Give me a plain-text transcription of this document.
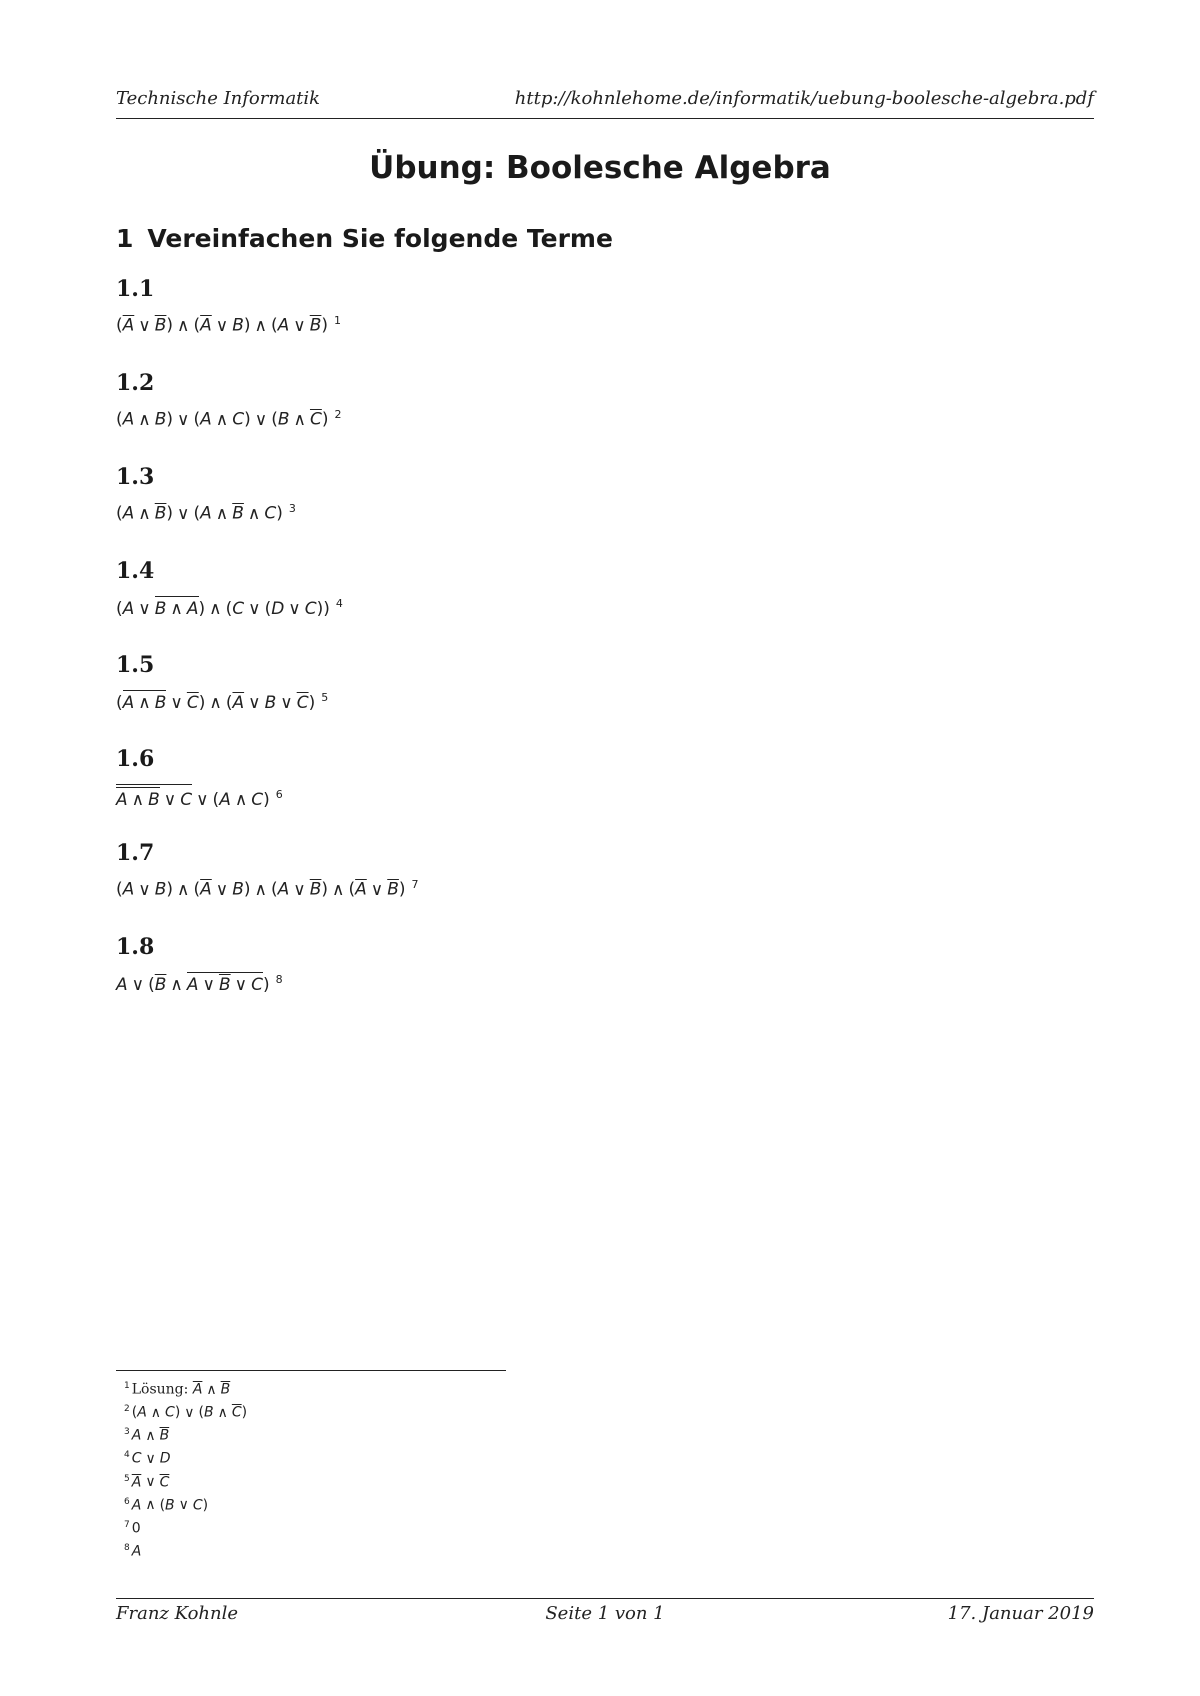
Technische Informatik	http://kohnlehome.de/informatik/uebung-boolesche-algebra.pdf
Übung: Boolesche Algebra
1 Vereinfachen Sie folgende Terme
1.1
($\overline{A}$ ∨ $\overline{B}$) ∧ ($\overline{A}$ ∨ B) ∧ (A ∨ $\overline{B}$) $^1$
1.2
(A ∧ B) ∨ (A ∧ C) ∨ (B ∧ $\overline{C}$) $^2$
1.3
(A ∧ $\overline{B}$) ∨ (A ∧ $\overline{B}$ ∧ C) $^3$
1.4
(A ∨ B ∧ A) ∧ (C ∨ (D ∨ C)) $^4$
1.5
(A ∧ B ∨ $\overline{C}$) ∧ ($\overline{A}$ ∨ B ∨ $\overline{C}$) $^5$
1.6
A ∧ B ∨ C ∨ (A ∧ C) $^6$
1.7
(A ∨ B) ∧ ($\overline{A}$ ∨ B) ∧ (A ∨ $\overline{B}$) ∧ ($\overline{A}$ ∨ $\overline{B}$) $^7$
1.8
A ∨ ($\overline{B}$ ∧ A ∨ $\overline{B}$ ∨ C) $^8$
$^1$ Lösung: $\overline{A}$ ∧ $\overline{B}$
$^2$ (A ∧ C) ∨ (B ∧ $\overline{C}$)
$^3$ A ∧ $\overline{B}$
$^4$ C ∨ D
$^5$ $\overline{A}$ ∨ $\overline{C}$
$^6$ A ∧ (B ∨ C)
$^7$ 0
$^8$ A
Franz Kohnle	Seite 1 von 1	17. Januar 2019
